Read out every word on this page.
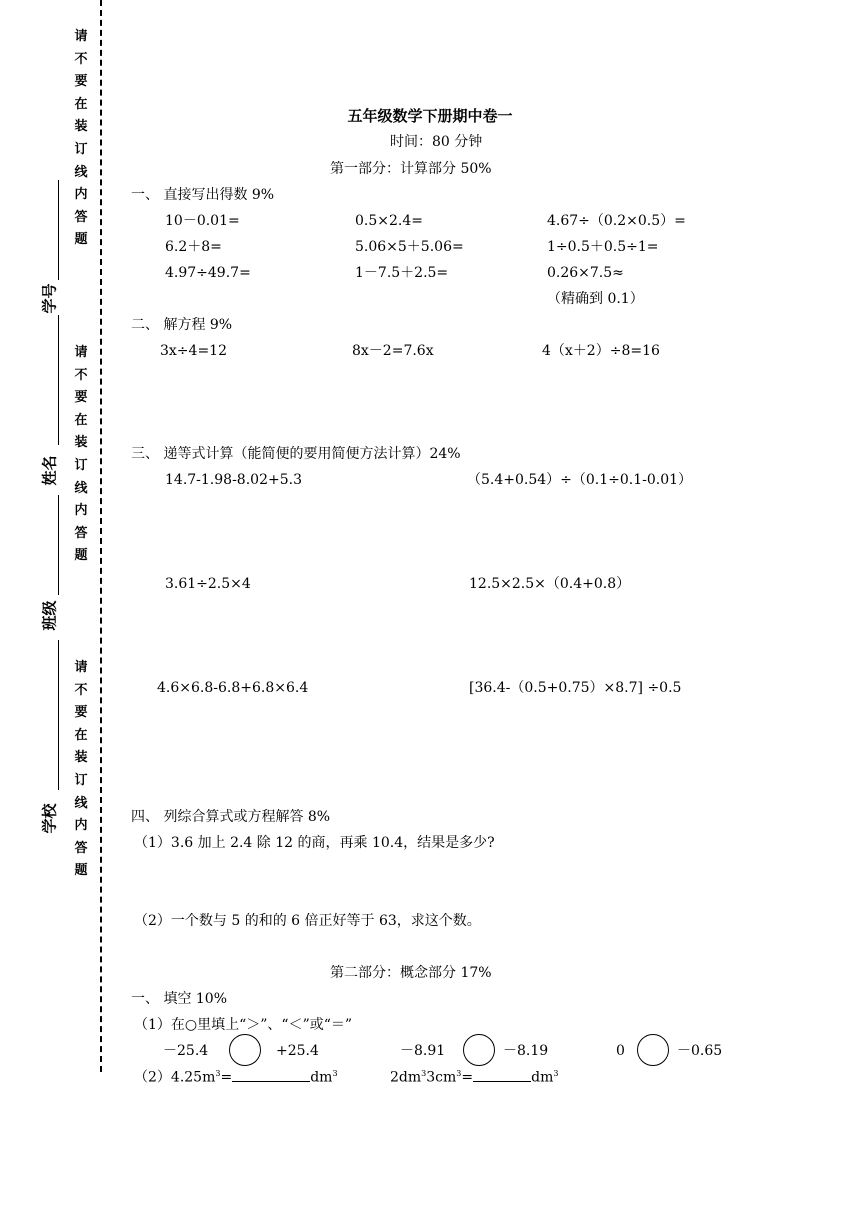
请不要在装订线内答题
请不要在装订线内答题
请不要在装订线内答题
学号
姓名
班级
学校
五年级数学下册期中卷一
时间：80 分钟
第一部分：计算部分 50%
一、 直接写出得数 9%
10－0.01=	0.5×2.4=	4.67÷（0.2×0.5）=
6.2＋8=	5.06×5＋5.06=	1÷0.5＋0.5÷1=
4.97÷49.7=	1－7.5＋2.5=	0.26×7.5≈
（精确到 0.1）
二、 解方程 9%
3x÷4=12	8x－2=7.6x	4（x＋2）÷8=16
三、 递等式计算（能简便的要用简便方法计算）24%
14.7-1.98-8.02+5.3	（5.4+0.54）÷（0.1÷0.1-0.01）
3.61÷2.5×4	12.5×2.5×（0.4+0.8）
4.6×6.8-6.8+6.8×6.4	[36.4-（0.5+0.75）×8.7] ÷0.5
四、 列综合算式或方程解答 8%
（1）3.6 加上 2.4 除 12 的商，再乘 10.4，结果是多少?
（2）一个数与 5 的和的 6 倍正好等于 63，求这个数。
第二部分：概念部分 17%
一、 填空 10%
（1）在○里填上“＞”、“＜”或“＝”
－25.4	+25.4	－8.91	－8.19	0	－0.65
$(2)4.25m^3=$	$dm^3$	$2dm^33cm^3=$	$dm^3$
